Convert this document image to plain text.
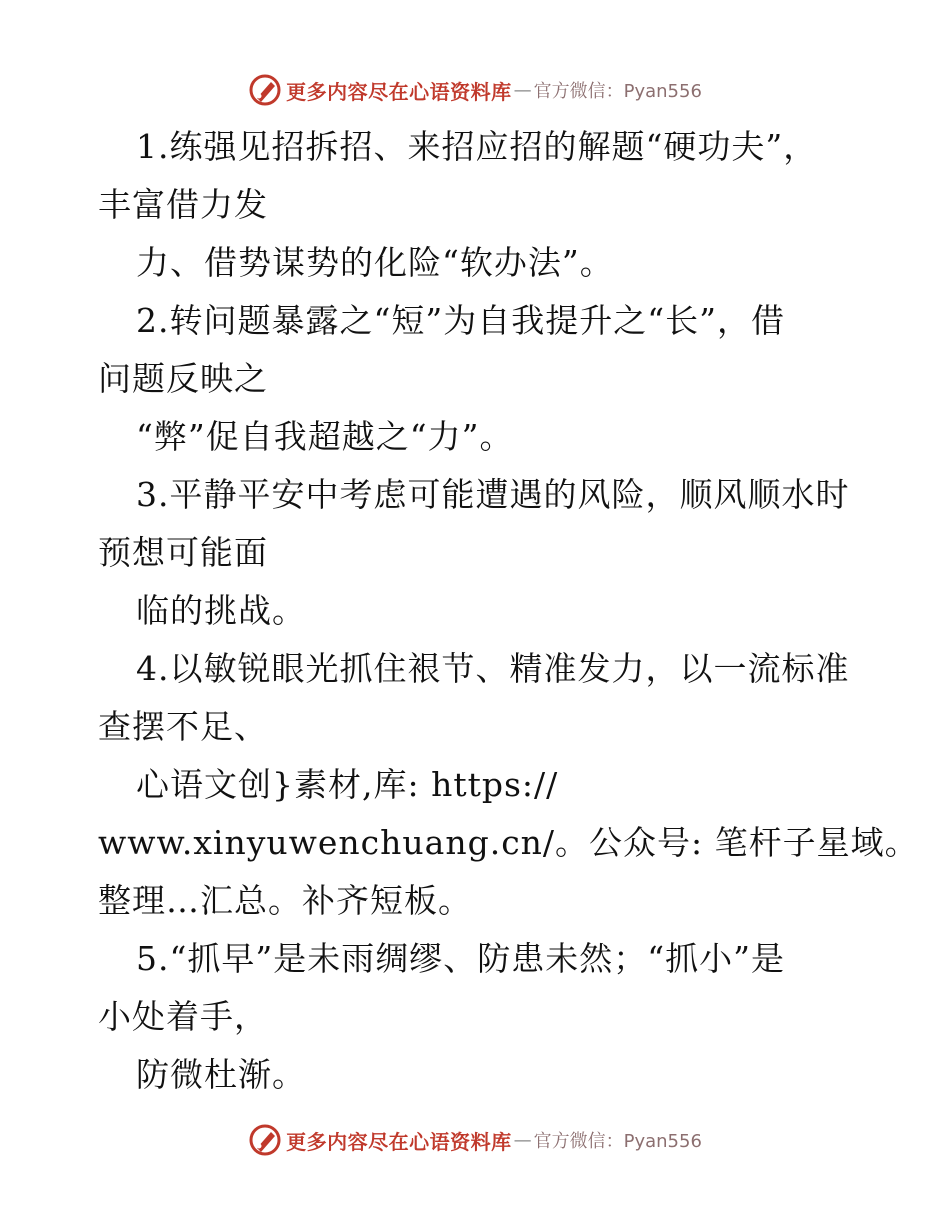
更多内容尽在心语资料库 — 官方微信：Pyan556
1.练强见招拆招、来招应招的解题“硬功夫”，
丰富借力发
力、借势谋势的化险“软办法”。
2.转问题暴露之“短”为自我提升之“长”，借
问题反映之
“弊”促自我超越之“力”。
3.平静平安中考虑可能遭遇的风险，顺风顺水时
预想可能面
临的挑战。
4.以敏锐眼光抓住裉节、精准发力，以一流标准
查摆不足、
心语文创}素材,库: https://
www.xinyuwenchuang.cn/。公众号: 笔杆子星域。
整理…汇总。补齐短板。
5.“抓早”是未雨绸缪、防患未然；“抓小”是
小处着手，
防微杜渐。
更多内容尽在心语资料库 — 官方微信：Pyan556
